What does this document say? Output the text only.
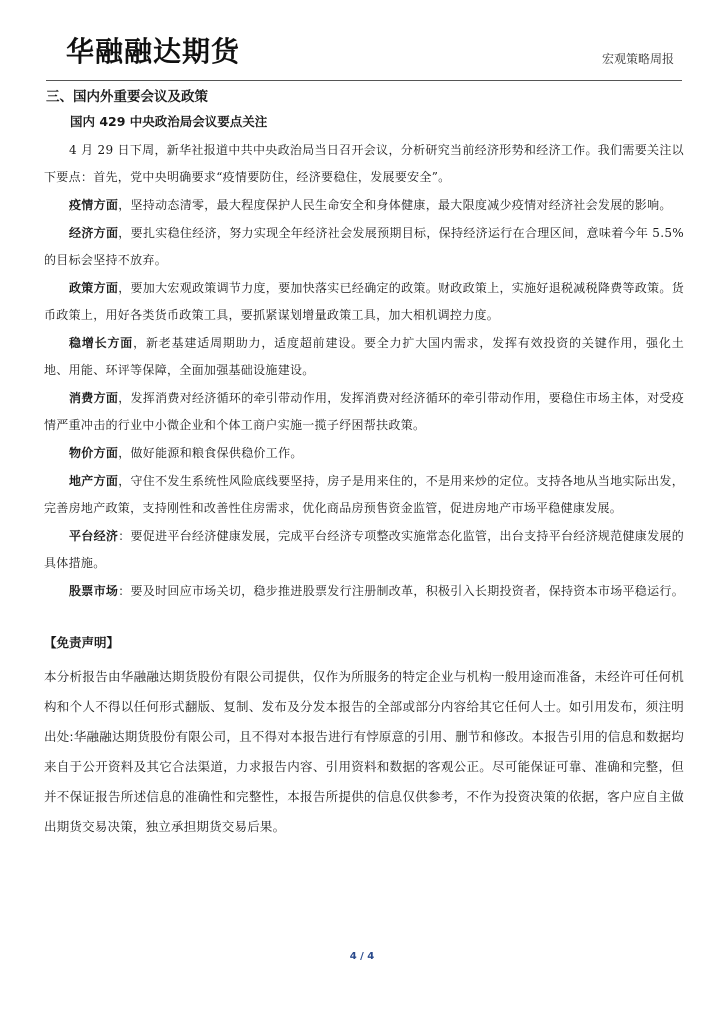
华融融达期货	宏观策略周报
三、国内外重要会议及政策
国内 429 中央政治局会议要点关注

4 月 29 日下周，新华社报道中共中央政治局当日召开会议，分析研究当前经济形势和经济工作。我们需要关注以下要点：首先，党中央明确要求“疫情要防住，经济要稳住，发展要安全”。

疫情方面，坚持动态清零，最大程度保护人民生命安全和身体健康，最大限度减少疫情对经济社会发展的影响。

经济方面，要扎实稳住经济，努力实现全年经济社会发展预期目标，保持经济运行在合理区间，意味着今年 5.5%的目标会坚持不放弃。

政策方面，要加大宏观政策调节力度，要加快落实已经确定的政策。财政政策上，实施好退税减税降费等政策。货币政策上，用好各类货币政策工具，要抓紧谋划增量政策工具，加大相机调控力度。

稳增长方面，新老基建适周期助力，适度超前建设。要全力扩大国内需求，发挥有效投资的关键作用，强化土地、用能、环评等保障，全面加强基础设施建设。

消费方面，发挥消费对经济循环的牵引带动作用，发挥消费对经济循环的牵引带动作用，要稳住市场主体，对受疫情严重冲击的行业中小微企业和个体工商户实施一揽子纾困帮扶政策。

物价方面，做好能源和粮食保供稳价工作。

地产方面，守住不发生系统性风险底线要坚持，房子是用来住的，不是用来炒的定位。支持各地从当地实际出发，完善房地产政策，支持刚性和改善性住房需求，优化商品房预售资金监管，促进房地产市场平稳健康发展。

平台经济：要促进平台经济健康发展，完成平台经济专项整改实施常态化监管，出台支持平台经济规范健康发展的具体措施。

股票市场：要及时回应市场关切，稳步推进股票发行注册制改革，积极引入长期投资者，保持资本市场平稳运行。

【免责声明】
本分析报告由华融融达期货股份有限公司提供，仅作为所服务的特定企业与机构一般用途而准备，未经许可任何机构和个人不得以任何形式翻版、复制、发布及分发本报告的全部或部分内容给其它任何人士。如引用发布，须注明出处:华融融达期货股份有限公司，且不得对本报告进行有悖原意的引用、删节和修改。本报告引用的信息和数据均来自于公开资料及其它合法渠道，力求报告内容、引用资料和数据的客观公正。尽可能保证可靠、准确和完整，但并不保证报告所述信息的准确性和完整性，本报告所提供的信息仅供参考，不作为投资决策的依据，客户应自主做出期货交易决策，独立承担期货交易后果。
4 / 4
